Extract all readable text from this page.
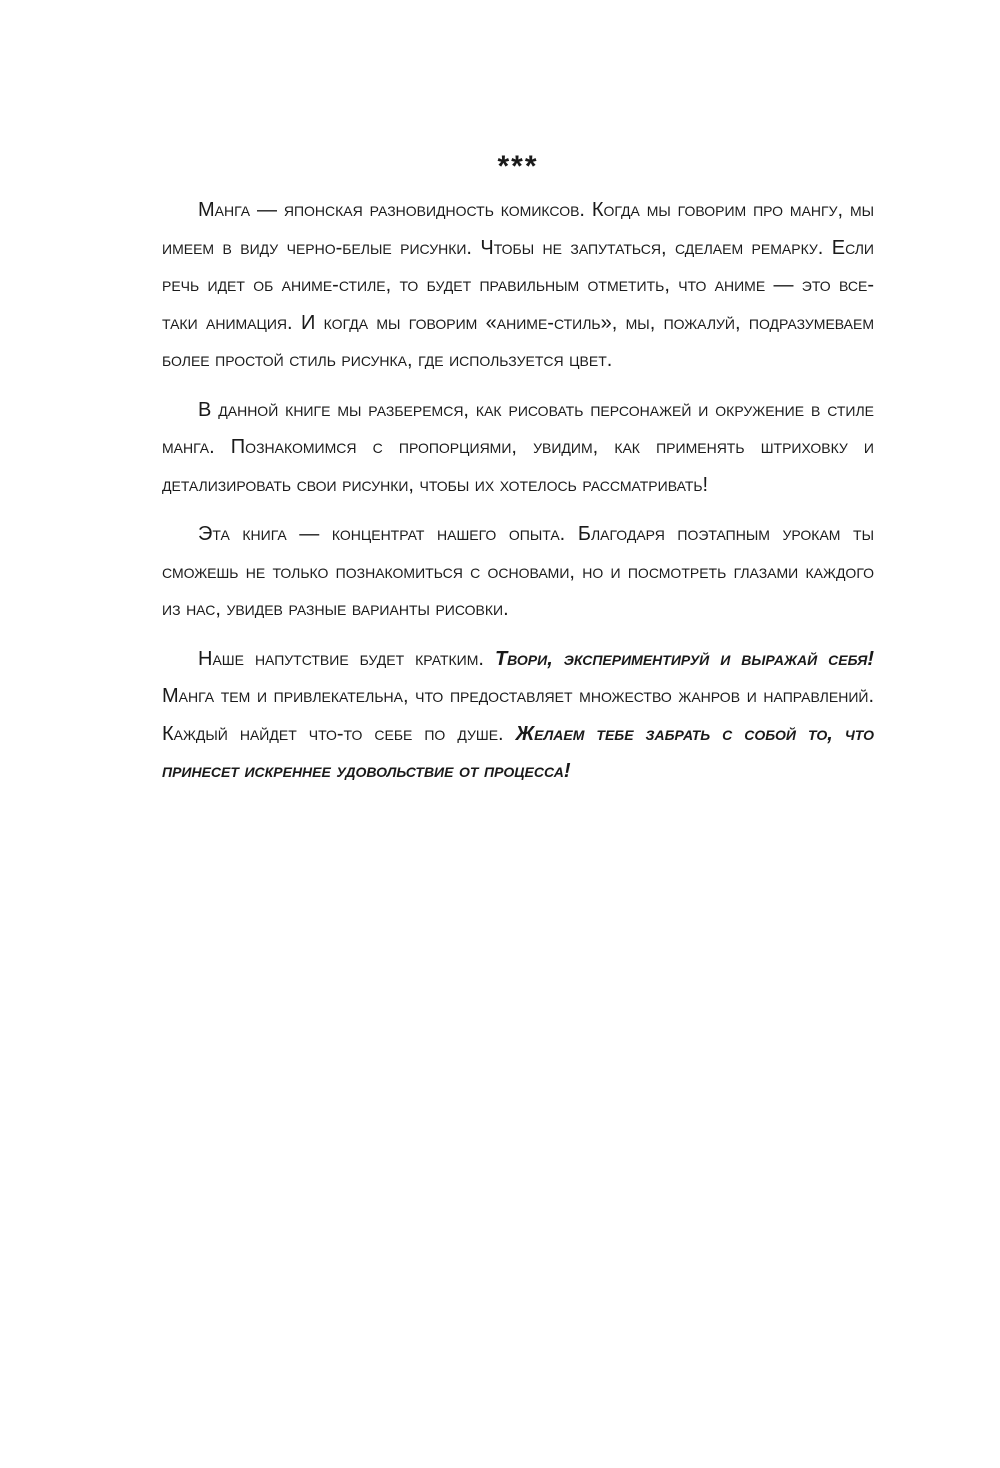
***

Манга — японская разновидность комиксов. Когда мы говорим про мангу, мы имеем в виду черно-белые рисунки. Чтобы не запутаться, сделаем ремарку. Если речь идет об аниме-стиле, то будет правильным отметить, что аниме — это все-таки анимация. И когда мы говорим «аниме-стиль», мы, пожалуй, подразумеваем более простой стиль рисунка, где используется цвет.

В данной книге мы разберемся, как рисовать персонажей и окружение в стиле манга. Познакомимся с пропорциями, увидим, как применять штриховку и детализировать свои рисунки, чтобы их хотелось рассматривать!

Эта книга — концентрат нашего опыта. Благодаря поэтапным урокам ты сможешь не только познакомиться с основами, но и посмотреть глазами каждого из нас, увидев разные варианты рисовки.

Наше напутствие будет кратким. Твори, экспериментируй и выражай себя! Манга тем и привлекательна, что предоставляет множество жанров и направлений. Каждый найдет что-то себе по душе. Желаем тебе забрать с собой то, что принесет искреннее удовольствие от процесса!
